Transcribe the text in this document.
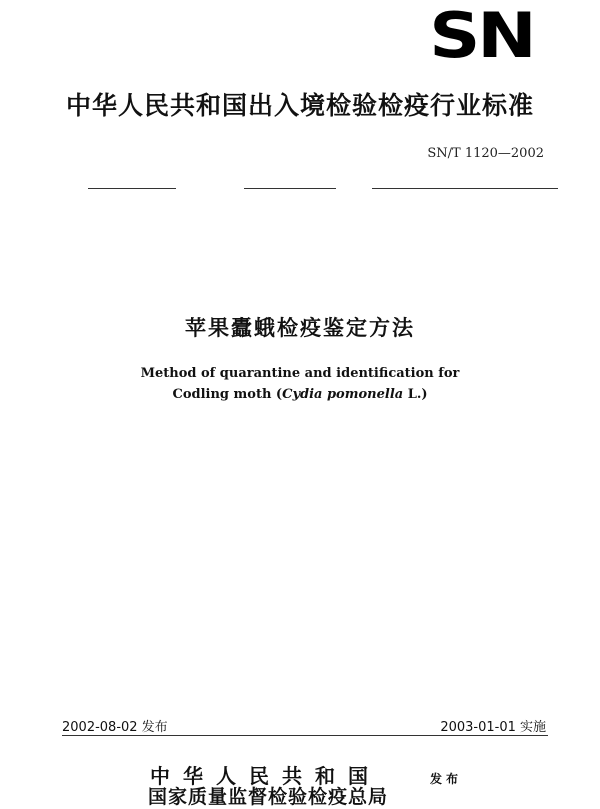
SN
中华人民共和国出入境检验检疫行业标准
SN/T 1120—2002
苹果蠹蛾检疫鉴定方法
Method of quarantine and identification for
Codling moth (Cydia pomonella L.)
2002-08-02 发布	2003-01-01 实施
中华人民共和国
国家质量监督检验检疫总局
发布
